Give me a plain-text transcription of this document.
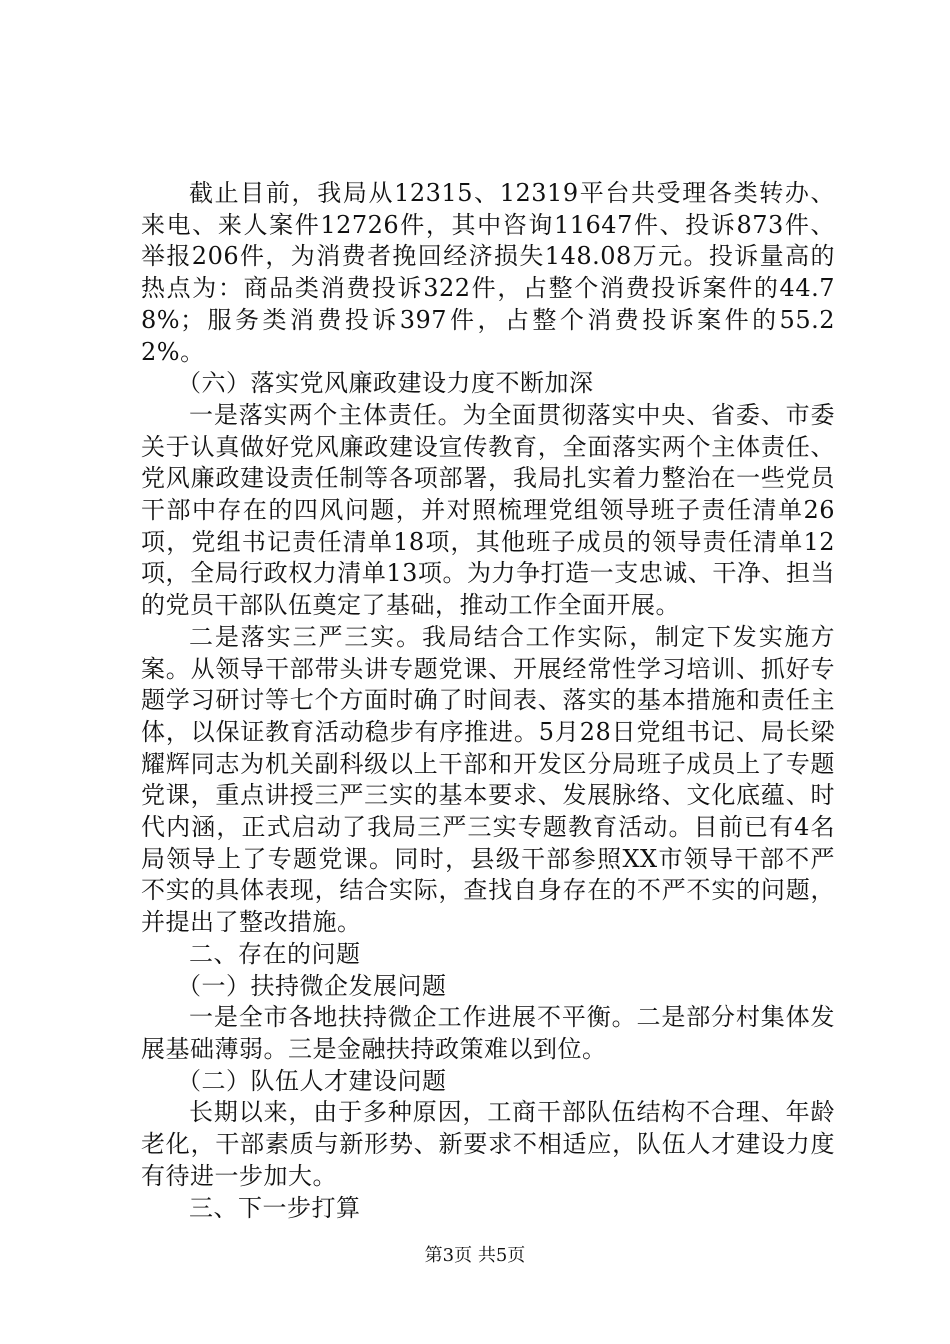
截止目前，我局从12315、12319平台共受理各类转办、来电、来人案件12726件，其中咨询11647件、投诉873件、举报206件，为消费者挽回经济损失148.08万元。投诉量高的热点为：商品类消费投诉322件，占整个消费投诉案件的44.78%；服务类消费投诉397件，占整个消费投诉案件的55.22%。

（六）落实党风廉政建设力度不断加深

一是落实两个主体责任。为全面贯彻落实中央、省委、市委关于认真做好党风廉政建设宣传教育，全面落实两个主体责任、党风廉政建设责任制等各项部署，我局扎实着力整治在一些党员干部中存在的四风问题，并对照梳理党组领导班子责任清单26项，党组书记责任清单18项，其他班子成员的领导责任清单12项，全局行政权力清单13项。为力争打造一支忠诚、干净、担当的党员干部队伍奠定了基础，推动工作全面开展。

二是落实三严三实。我局结合工作实际，制定下发实施方案。从领导干部带头讲专题党课、开展经常性学习培训、抓好专题学习研讨等七个方面时确了时间表、落实的基本措施和责任主体，以保证教育活动稳步有序推进。5月28日党组书记、局长梁耀辉同志为机关副科级以上干部和开发区分局班子成员上了专题党课，重点讲授三严三实的基本要求、发展脉络、文化底蕴、时代内涵，正式启动了我局三严三实专题教育活动。目前已有4名局领导上了专题党课。同时，县级干部参照XX市领导干部不严不实的具体表现，结合实际，查找自身存在的不严不实的问题，并提出了整改措施。

二、存在的问题

（一）扶持微企发展问题

一是全市各地扶持微企工作进展不平衡。二是部分村集体发展基础薄弱。三是金融扶持政策难以到位。

（二）队伍人才建设问题

长期以来，由于多种原因，工商干部队伍结构不合理、年龄老化，干部素质与新形势、新要求不相适应，队伍人才建设力度有待进一步加大。

三、下一步打算

第3页 共5页
